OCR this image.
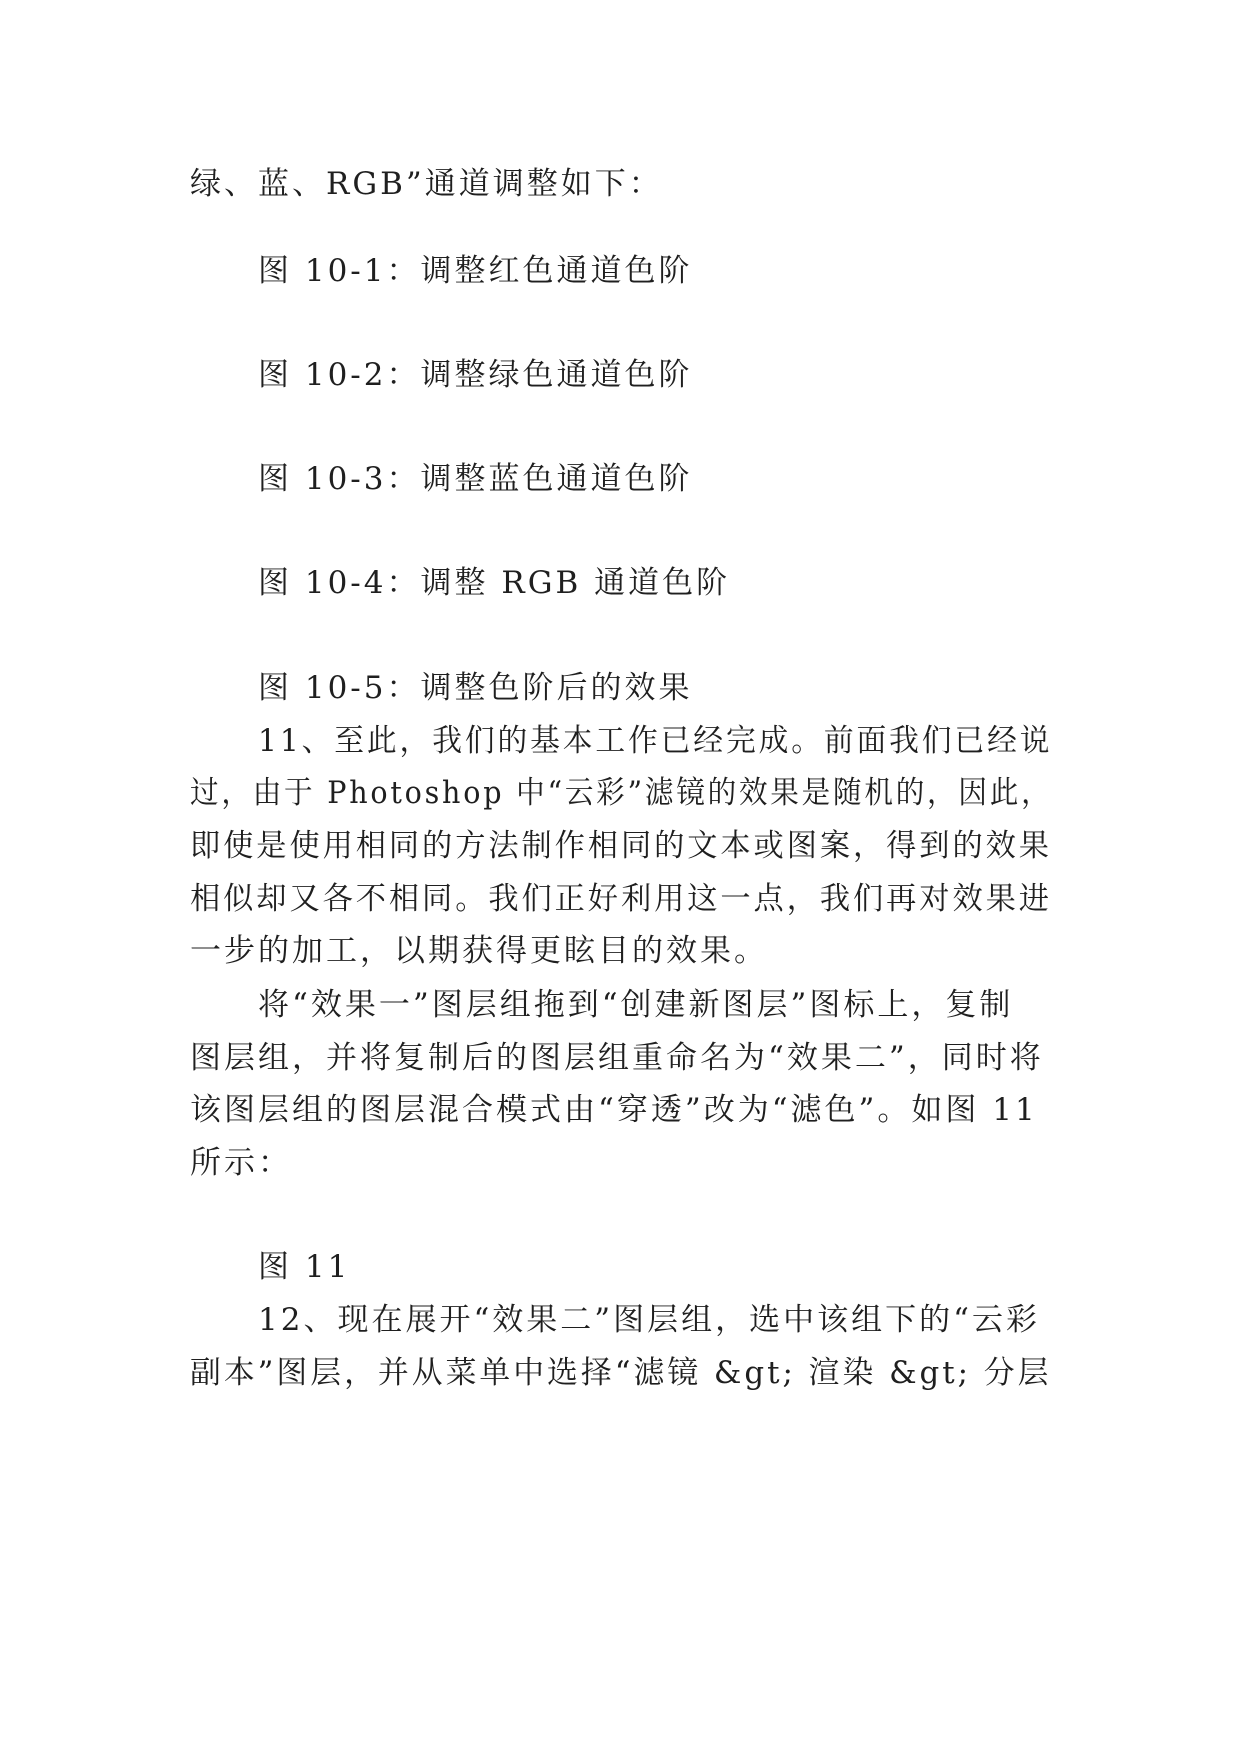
绿、蓝、RGB”通道调整如下：

图 10-1：调整红色通道色阶

图 10-2：调整绿色通道色阶

图 10-3：调整蓝色通道色阶

图 10-4：调整 RGB 通道色阶

图 10-5：调整色阶后的效果

11、至此，我们的基本工作已经完成。前面我们已经说

过，由于 Photoshop 中“云彩”滤镜的效果是随机的，因此，

即使是使用相同的方法制作相同的文本或图案，得到的效果

相似却又各不相同。我们正好利用这一点，我们再对效果进

一步的加工，以期获得更眩目的效果。

将“效果一”图层组拖到“创建新图层”图标上，复制

图层组，并将复制后的图层组重命名为“效果二”，同时将

该图层组的图层混合模式由“穿透”改为“滤色”。如图 11

所示：

图 11

12、现在展开“效果二”图层组，选中该组下的“云彩

副本”图层，并从菜单中选择“滤镜 &gt; 渲染 &gt; 分层
